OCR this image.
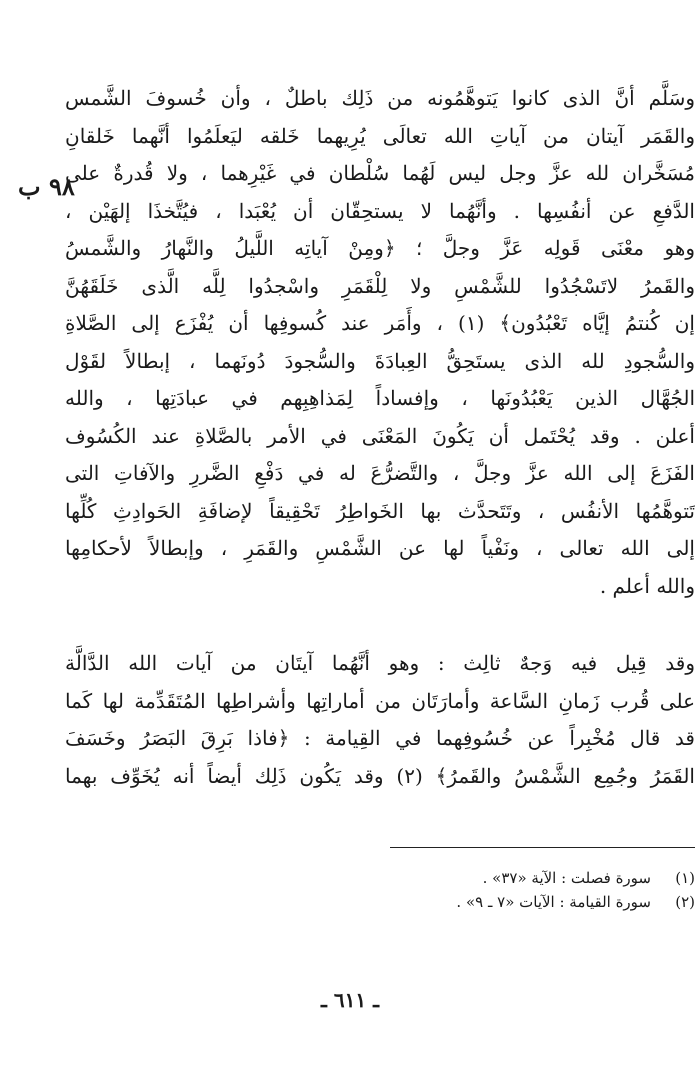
٩٨ ب
وسَلَّم أنَّ الذى كانوا يَتوهَّمُونه من ذَلِك باطلٌ ، وأن خُسوفَ الشَّمس
والقَمَر آيتان من آياتِ الله تعالَى يُرِيهما خَلقه ليَعلَمُوا أنَّهما خَلقانِ
مُسَخَّران لله عزَّ وجل ليس لَهُما سُلْطان في غَيْرِهما ، ولا قُدرةٌ على
الدَّفعِ عن أنفُسِها . وأنَّهُما لا يستحِقّان أن يُعْبَدا ، فيُتَّخذَا إلهَيْن ،
وهو معْنَى قَولِه عَزَّ وجلَّ ؛ ﴿ومِنْ آياتِه اللَّيلُ والنَّهارُ والشَّمسُ
والقَمرُ لاتَسْجُدُوا للشَّمْسِ ولا لِلْقَمَرِ واسْجدُوا لِلَّه الَّذى خَلَقَهُنَّ
إن كُنتمُ إيَّاه تَعْبُدُون﴾ (١) ، وأَمَر عند كُسوفِها أن يُفْزَع إلى الصَّلاةِ
والسُّجودِ لله الذى يستَحِقُّ العِبادَةَ والسُّجودَ دُونَهما ، إبطالاً لقَوْل
الجُهَّال الذين يَعْبُدُونَها ، وإفساداً لِمَذاهِبِهم في عبادَتِها ، والله
أعلن . وقد يُحْتَمل أن يَكُونَ المَعْنَى في الأمر بالصَّلاةِ عند الكُسُوف
الفَزَعَ إلى الله عزَّ وجلَّ ، والتَّضرُّعَ له في دَفْعِ الضَّررِ والآفاتِ التى
تَتوهَّمُها الأنفُس ، وتَتَحدَّث بها الخَواطِرُ تَحْقِيقاً لإضافَةِ الحَوادِثِ كُلِّها
إلى الله تعالى ، ونَفْياً لها عن الشَّمْسِ والقَمَرِ ، وإبطالاً لأحكامِها
والله أعلم .
وقد قِيل فيه وَجهٌ ثالِث : وهو أنَّهُما آيتَان من آيات الله الدَّالَّة
على قُرب زَمانِ السَّاعة وأمارَتَان من أماراتِها وأشراطِها المُتَقَدِّمة لها كَما
قد قال مُخْبِراً عن خُسُوفِهما في القِيامة : ﴿فاذا بَرِقَ البَصَرُ وخَسَفَ
القَمَرُ وجُمِع الشَّمْسُ والقَمرُ﴾ (٢) وقد يَكُون ذَلِك أيضاً أنه يُخَوِّف بهما
(١)
سورة فصلت : الآية «٣٧» .
(٢)
سورة القيامة : الآيات «٧ ـ ٩» .
ـ ٦١١ ـ
